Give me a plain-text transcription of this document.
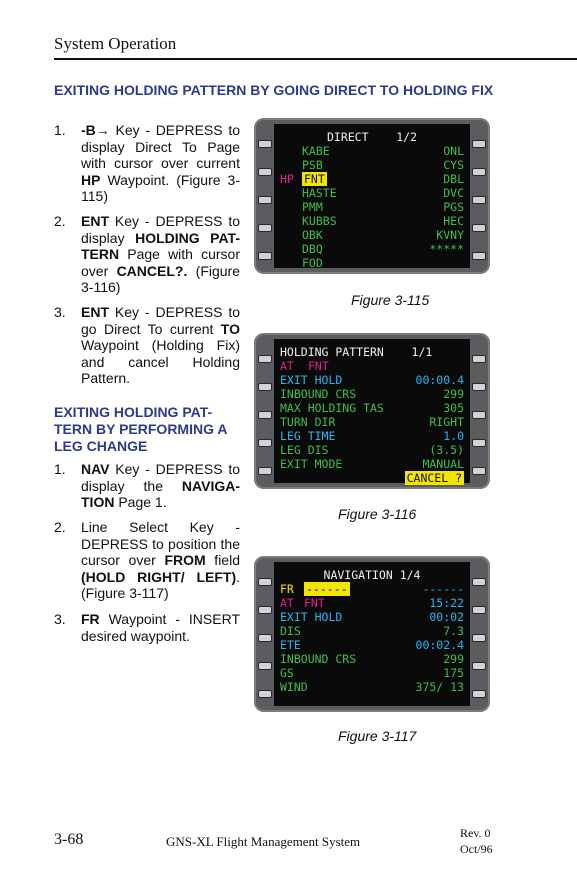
System Operation
EXITING HOLDING PATTERN BY GOING DIRECT TO HOLDING FIX
1. -B→ Key - DEPRESS to display Direct To Page with cursor over current HP Waypoint. (Figure 3-115)
2. ENT Key - DEPRESS to display HOLDING PAT-TERN Page with cursor over CANCEL?. (Figure 3-116)
3. ENT Key - DEPRESS to go Direct To current TO Waypoint (Holding Fix) and cancel Holding Pattern.
EXITING HOLDING PAT-TERN BY PERFORMING A LEG CHANGE
1. NAV Key - DEPRESS to display the NAVIGA-TION Page 1.
2. Line Select Key - DEPRESS to position the cursor over FROM field (HOLD RIGHT/ LEFT). (Figure 3-117)
3. FR Waypoint - INSERT desired waypoint.
DIRECT    1/2
KABE	ONL
PSB	CYS
HP FNT	DBL
HASTE	DVC
PMM	PGS
KUBBS	HEC
OBK	KVNY
DBQ	*****
FOD
Figure 3-115
HOLDING PATTERN    1/1
AT FNT
EXIT HOLD	00:00.4
INBOUND CRS	299
MAX HOLDING TAS	305
TURN DIR	RIGHT
LEG TIME	1.0
LEG DIS	(3.5)
EXIT MODE	MANUAL
CANCEL ?
Figure 3-116
NAVIGATION 1/4
FR ------	------
AT FNT	15:22
EXIT HOLD	00:02
DIS	7.3
ETE	00:02.4
INBOUND CRS	299
GS	175
WIND	375/ 13
Figure 3-117
3-68	GNS-XL Flight Management System
Rev. 0
Oct/96
